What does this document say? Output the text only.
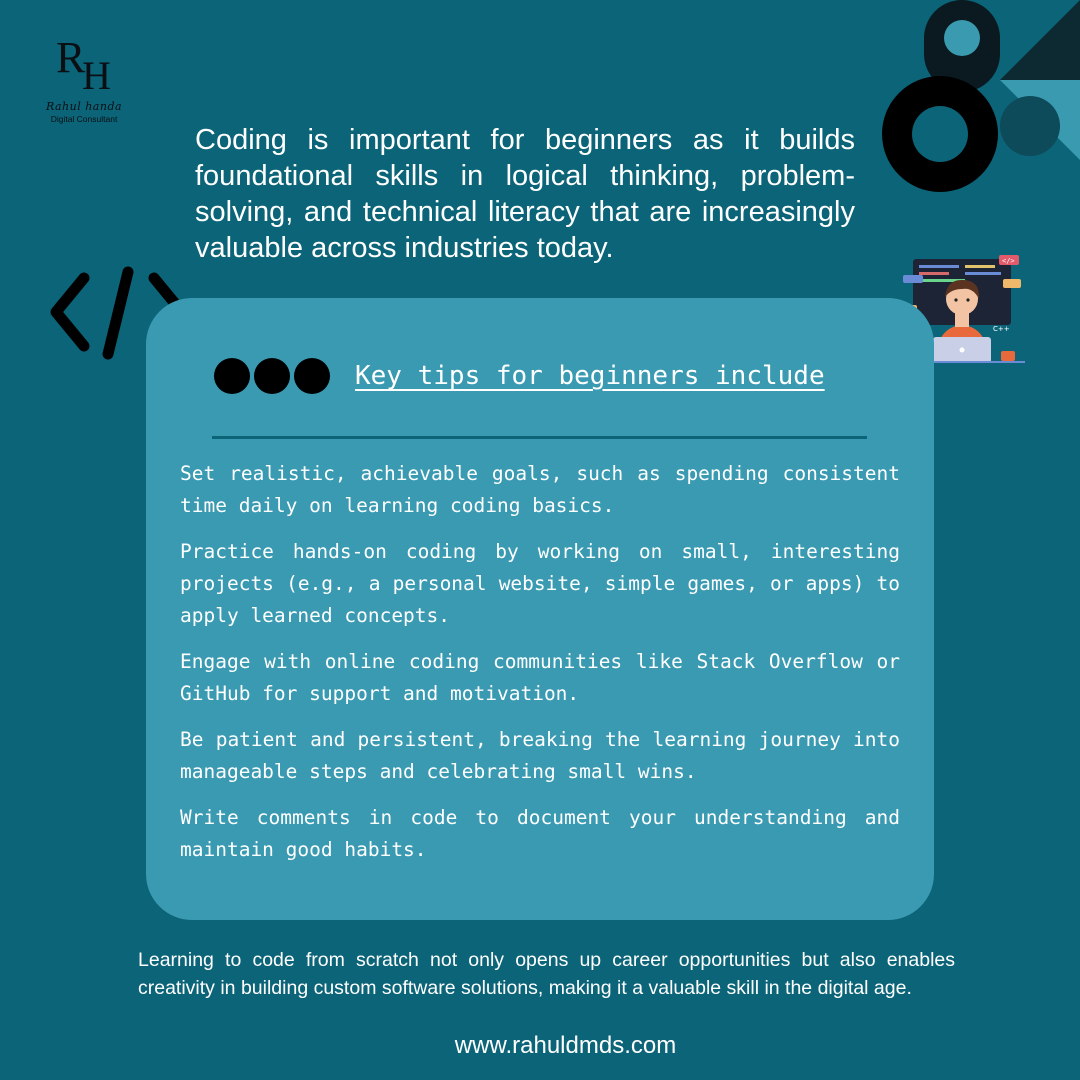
R
H
Rahul handa
Digital Consultant

Coding is important for beginners as it builds foundational skills in logical thinking, problem-solving, and technical literacy that are increasingly valuable across industries today.	</>
C++
Key tips for beginners include
Set realistic, achievable goals, such as spending consistent time daily on learning coding basics.
Practice hands-on coding by working on small, interesting projects (e.g., a personal website, simple games, or apps) to apply learned concepts.
Engage with online coding communities like Stack Overflow or GitHub for support and motivation.
Be patient and persistent, breaking the learning journey into manageable steps and celebrating small wins.
Write comments in code to document your understanding and maintain good habits.

Learning to code from scratch not only opens up career opportunities but also enables creativity in building custom software solutions, making it a valuable skill in the digital age.

www.rahuldmds.com
